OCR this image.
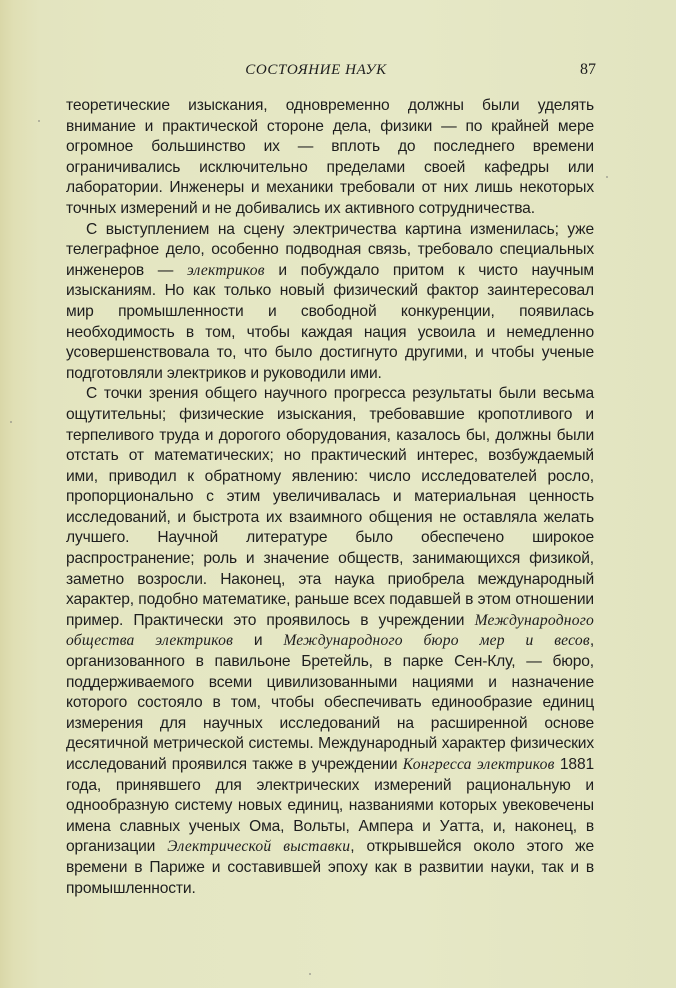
СОСТОЯНИЕ НАУК	87

теоретические изыскания, одновременно должны были уделять внимание и практической стороне дела, физики — по крайней мере огромное большинство их — вплоть до последнего времени ограничивались исключительно пределами своей кафедры или лаборатории. Инженеры и механики требовали от них лишь некоторых точных измерений и не добивались их активного сотрудничества.

С выступлением на сцену электричества картина изменилась; уже телеграфное дело, особенно подводная связь, требовало специальных инженеров — электриков и побуждало притом к чисто научным изысканиям. Но как только новый физический фактор заинтересовал мир промышленности и свободной конкуренции, появилась необходимость в том, чтобы каждая нация усвоила и немедленно усовершенствовала то, что было достигнуто другими, и чтобы ученые подготовляли электриков и руководили ими.

С точки зрения общего научного прогресса результаты были весьма ощутительны; физические изыскания, требовавшие кропотливого и терпеливого труда и дорогого оборудования, казалось бы, должны были отстать от математических; но практический интерес, возбуждаемый ими, приводил к обратному явлению: число исследователей росло, пропорционально с этим увеличивалась и материальная ценность исследований, и быстрота их взаимного общения не оставляла желать лучшего. Научной литературе было обеспечено широкое распространение; роль и значение обществ, занимающихся физикой, заметно возросли. Наконец, эта наука приобрела международный характер, подобно математике, раньше всех подавшей в этом отношении пример. Практически это проявилось в учреждении Международного общества электриков и Международного бюро мер и весов, организованного в павильоне Бретейль, в парке Сен-Клу, — бюро, поддерживаемого всеми цивилизованными нациями и назначение которого состояло в том, чтобы обеспечивать единообразие единиц измерения для научных исследований на расширенной основе десятичной метрической системы. Международный характер физических исследований проявился также в учреждении Конгресса электриков 1881 года, принявшего для электрических измерений рациональную и однообразную систему новых единиц, названиями которых увековечены имена славных ученых Ома, Вольты, Ампера и Уатта, и, наконец, в организации Электрической выставки, открывшейся около этого же времени в Париже и составившей эпоху как в развитии науки, так и в промышленности.
